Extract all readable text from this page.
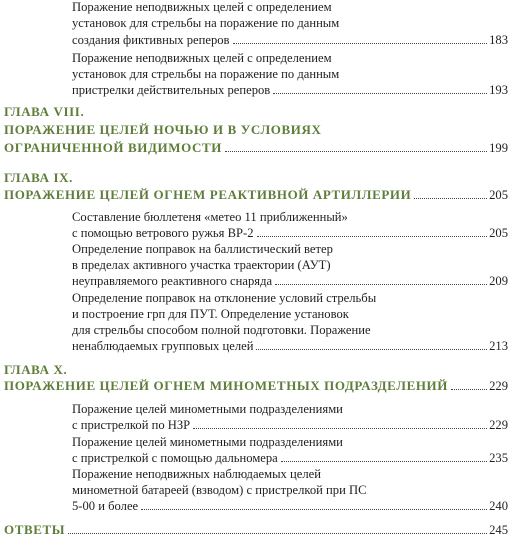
Поражение неподвижных целей с определением
установок для стрельбы на поражение по данным
создания фиктивных реперов	183
Поражение неподвижных целей с определением
установок для стрельбы на поражение по данным
пристрелки действительных реперов	193
ГЛАВА VIII.
ПОРАЖЕНИЕ ЦЕЛЕЙ НОЧЬЮ И В УСЛОВИЯХ
ОГРАНИЧЕННОЙ ВИДИМОСТИ	199
ГЛАВА IX.
ПОРАЖЕНИЕ ЦЕЛЕЙ ОГНЕМ РЕАКТИВНОЙ АРТИЛЛЕРИИ	205
Составление бюллетеня «метео 11 приближенный»
с помощью ветрового ружья ВР-2	205
Определение поправок на баллистический ветер
в пределах активного участка траектории (АУТ)
неуправляемого реактивного снаряда	209
Определение поправок на отклонение условий стрельбы
и построение грп для ПУТ. Определение установок
для стрельбы способом полной подготовки. Поражение
ненаблюдаемых групповых целей	213
ГЛАВА X.
ПОРАЖЕНИЕ ЦЕЛЕЙ ОГНЕМ МИНОМЕТНЫХ ПОДРАЗДЕЛЕНИЙ	229
Поражение целей минометными подразделениями
с пристрелкой по НЗР	229
Поражение целей минометными подразделениями
с пристрелкой с помощью дальномера	235
Поражение неподвижных наблюдаемых целей
минометной батареей (взводом) с пристрелкой при ПС
5-00 и более	240
ОТВЕТЫ	245
